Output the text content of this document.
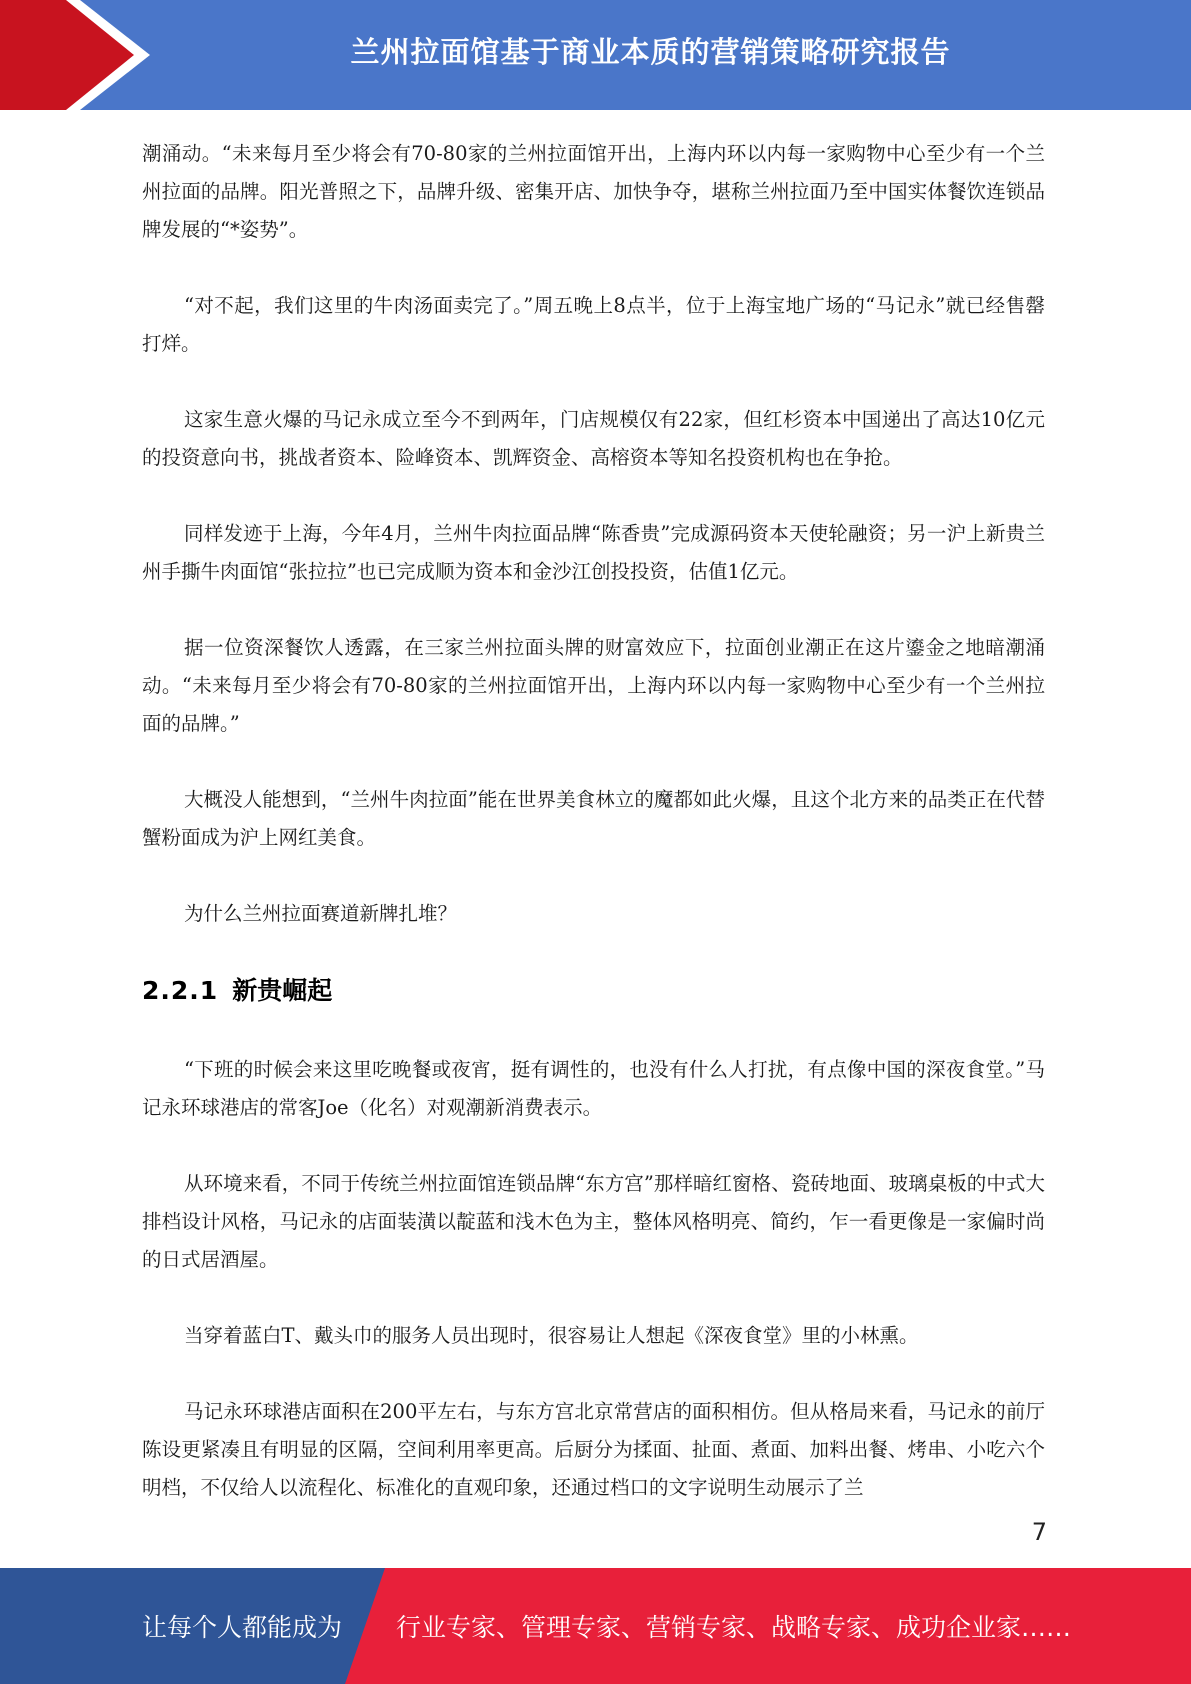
兰州拉面馆基于商业本质的营销策略研究报告

潮涌动。“未来每月至少将会有70-80家的兰州拉面馆开出，上海内环以内每一家购物中心至少有一个兰州拉面的品牌。阳光普照之下，品牌升级、密集开店、加快争夺，堪称兰州拉面乃至中国实体餐饮连锁品牌发展的“*姿势”。

“对不起，我们这里的牛肉汤面卖完了。”周五晚上8点半，位于上海宝地广场的“马记永”就已经售罄打烊。

这家生意火爆的马记永成立至今不到两年，门店规模仅有22家，但红杉资本中国递出了高达10亿元的投资意向书，挑战者资本、险峰资本、凯辉资金、高榕资本等知名投资机构也在争抢。

同样发迹于上海，今年4月，兰州牛肉拉面品牌“陈香贵”完成源码资本天使轮融资；另一沪上新贵兰州手撕牛肉面馆“张拉拉”也已完成顺为资本和金沙江创投投资，估值1亿元。

据一位资深餐饮人透露，在三家兰州拉面头牌的财富效应下，拉面创业潮正在这片鎏金之地暗潮涌动。“未来每月至少将会有70-80家的兰州拉面馆开出，上海内环以内每一家购物中心至少有一个兰州拉面的品牌。”

大概没人能想到，“兰州牛肉拉面”能在世界美食林立的魔都如此火爆，且这个北方来的品类正在代替蟹粉面成为沪上网红美食。

为什么兰州拉面赛道新牌扎堆？

2.2.1 新贵崛起

“下班的时候会来这里吃晚餐或夜宵，挺有调性的，也没有什么人打扰，有点像中国的深夜食堂。”马记永环球港店的常客Joe（化名）对观潮新消费表示。

从环境来看，不同于传统兰州拉面馆连锁品牌“东方宫”那样暗红窗格、瓷砖地面、玻璃桌板的中式大排档设计风格，马记永的店面装潢以靛蓝和浅木色为主，整体风格明亮、简约，乍一看更像是一家偏时尚的日式居酒屋。

当穿着蓝白T、戴头巾的服务人员出现时，很容易让人想起《深夜食堂》里的小林熏。

马记永环球港店面积在200平左右，与东方宫北京常营店的面积相仿。但从格局来看，马记永的前厅陈设更紧凑且有明显的区隔，空间利用率更高。后厨分为揉面、扯面、煮面、加料出餐、烤串、小吃六个明档，不仅给人以流程化、标准化的直观印象，还通过档口的文字说明生动展示了兰

7
让每个人都能成为 行业专家、管理专家、营销专家、战略专家、成功企业家……
